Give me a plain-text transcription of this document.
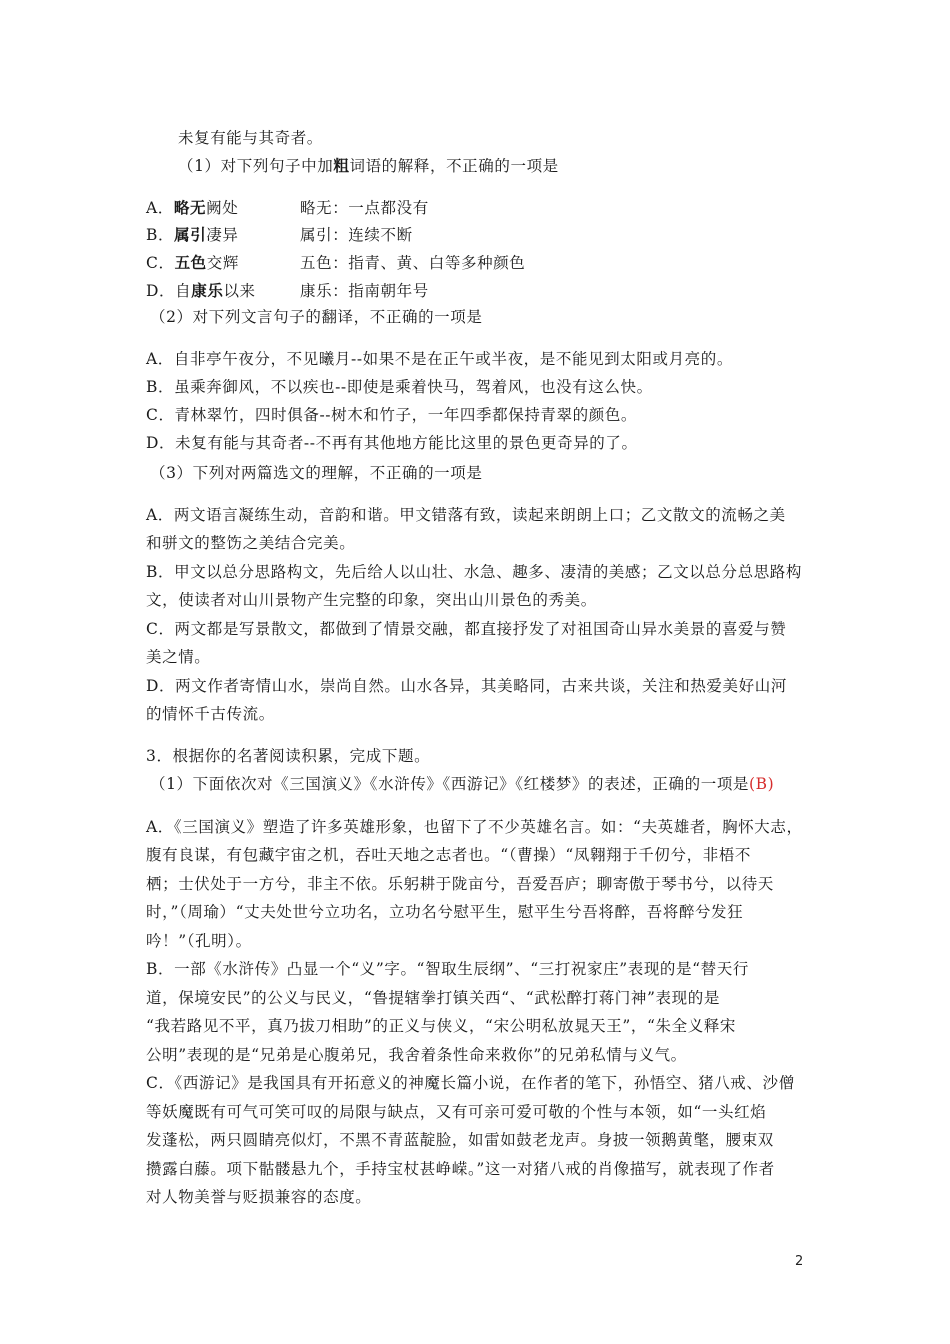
未复有能与其奇者。
（1）对下列句子中加粗词语的解释，不正确的一项是
A．略无阙处	略无：一点都没有
B．属引凄异	属引：连续不断
C．五色交辉	五色：指青、黄、白等多种颜色
D．自康乐以来	康乐：指南朝年号
（2）对下列文言句子的翻译，不正确的一项是
A．自非亭午夜分，不见曦月--如果不是在正午或半夜，是不能见到太阳或月亮的。
B．虽乘奔御风，不以疾也--即使是乘着快马，驾着风，也没有这么快。
C．青林翠竹，四时俱备--树木和竹子，一年四季都保持青翠的颜色。
D．未复有能与其奇者--不再有其他地方能比这里的景色更奇异的了。
（3）下列对两篇选文的理解，不正确的一项是
A．两文语言凝练生动，音韵和谐。甲文错落有致，读起来朗朗上口；乙文散文的流畅之美
和骈文的整饬之美结合完美。
B．甲文以总分思路构文，先后给人以山壮、水急、趣多、凄清的美感；乙文以总分总思路构
文，使读者对山川景物产生完整的印象，突出山川景色的秀美。
C．两文都是写景散文，都做到了情景交融，都直接抒发了对祖国奇山异水美景的喜爱与赞
美之情。
D．两文作者寄情山水，崇尚自然。山水各异，其美略同，古来共谈，关注和热爱美好山河
的情怀千古传流。
3．根据你的名著阅读积累，完成下题。
（1）下面依次对《三国演义》《水浒传》《西游记》《红楼梦》的表述，正确的一项是(B)
A．《三国演义》塑造了许多英雄形象，也留下了不少英雄名言。如：“夫英雄者，胸怀大志，
腹有良谋，有包藏宇宙之机，吞吐天地之志者也。“（曹操）“凤翱翔于千仞兮，非梧不
栖；士伏处于一方兮，非主不依。乐躬耕于陇亩兮，吾爱吾庐；聊寄傲于琴书兮，以待天
时，”（周瑜）“丈夫处世兮立功名，立功名兮慰平生，慰平生兮吾将醉，吾将醉兮发狂
吟！”（孔明）。
B．一部《水浒传》凸显一个“义”字。“智取生辰纲”、“三打祝家庄”表现的是“替天行
道，保境安民”的公义与民义，“鲁提辖拳打镇关西“、“武松醉打蒋门神”表现的是
“我若路见不平，真乃拔刀相助”的正义与侠义，“宋公明私放晁天王”，“朱全义释宋
公明”表现的是“兄弟是心腹弟兄，我舍着条性命来救你”的兄弟私情与义气。
C．《西游记》是我国具有开拓意义的神魔长篇小说，在作者的笔下，孙悟空、猪八戒、沙僧
等妖魔既有可气可笑可叹的局限与缺点，又有可亲可爱可敬的个性与本领，如“一头红焰
发蓬松，两只圆睛亮似灯，不黑不青蓝靛脸，如雷如鼓老龙声。身披一领鹅黄氅，腰束双
攒露白藤。项下骷髅悬九个，手持宝杖甚峥嵘。”这一对猪八戒的肖像描写，就表现了作者
对人物美誉与贬损兼容的态度。
2
